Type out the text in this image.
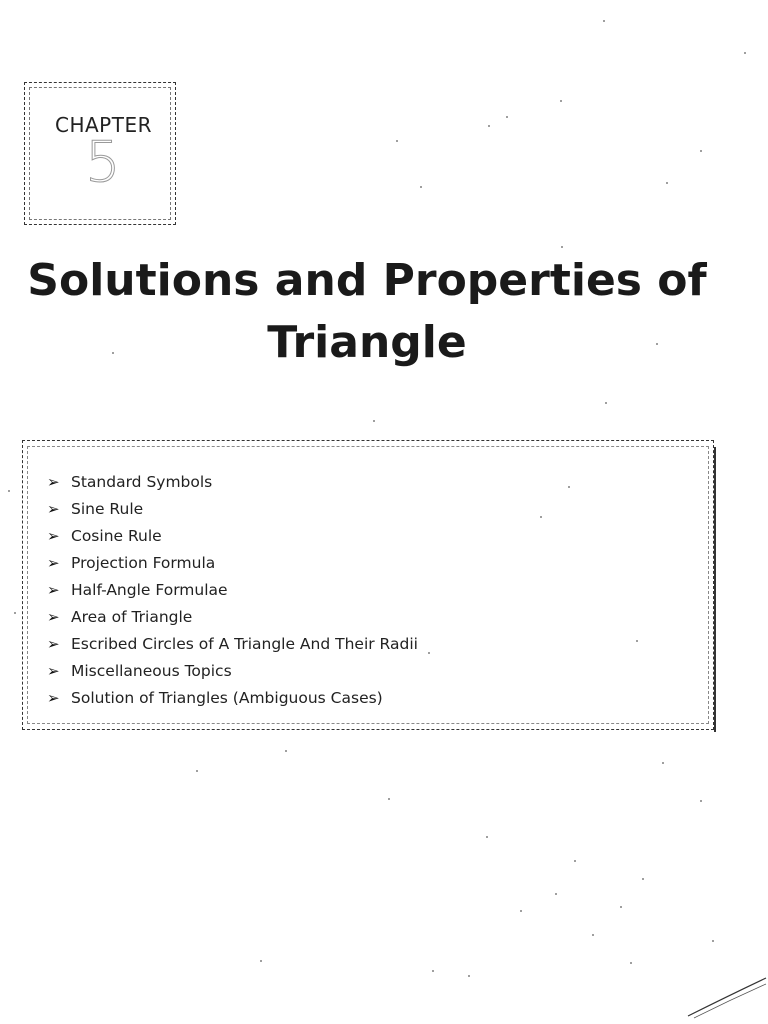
CHAPTER
5
Solutions and Properties of
Triangle
➢ Standard Symbols
➢ Sine Rule
➢ Cosine Rule
➢ Projection Formula
➢ Half-Angle Formulae
➢ Area of Triangle
➢ Escribed Circles of A Triangle And Their Radii
➢ Miscellaneous Topics
➢ Solution of Triangles (Ambiguous Cases)
